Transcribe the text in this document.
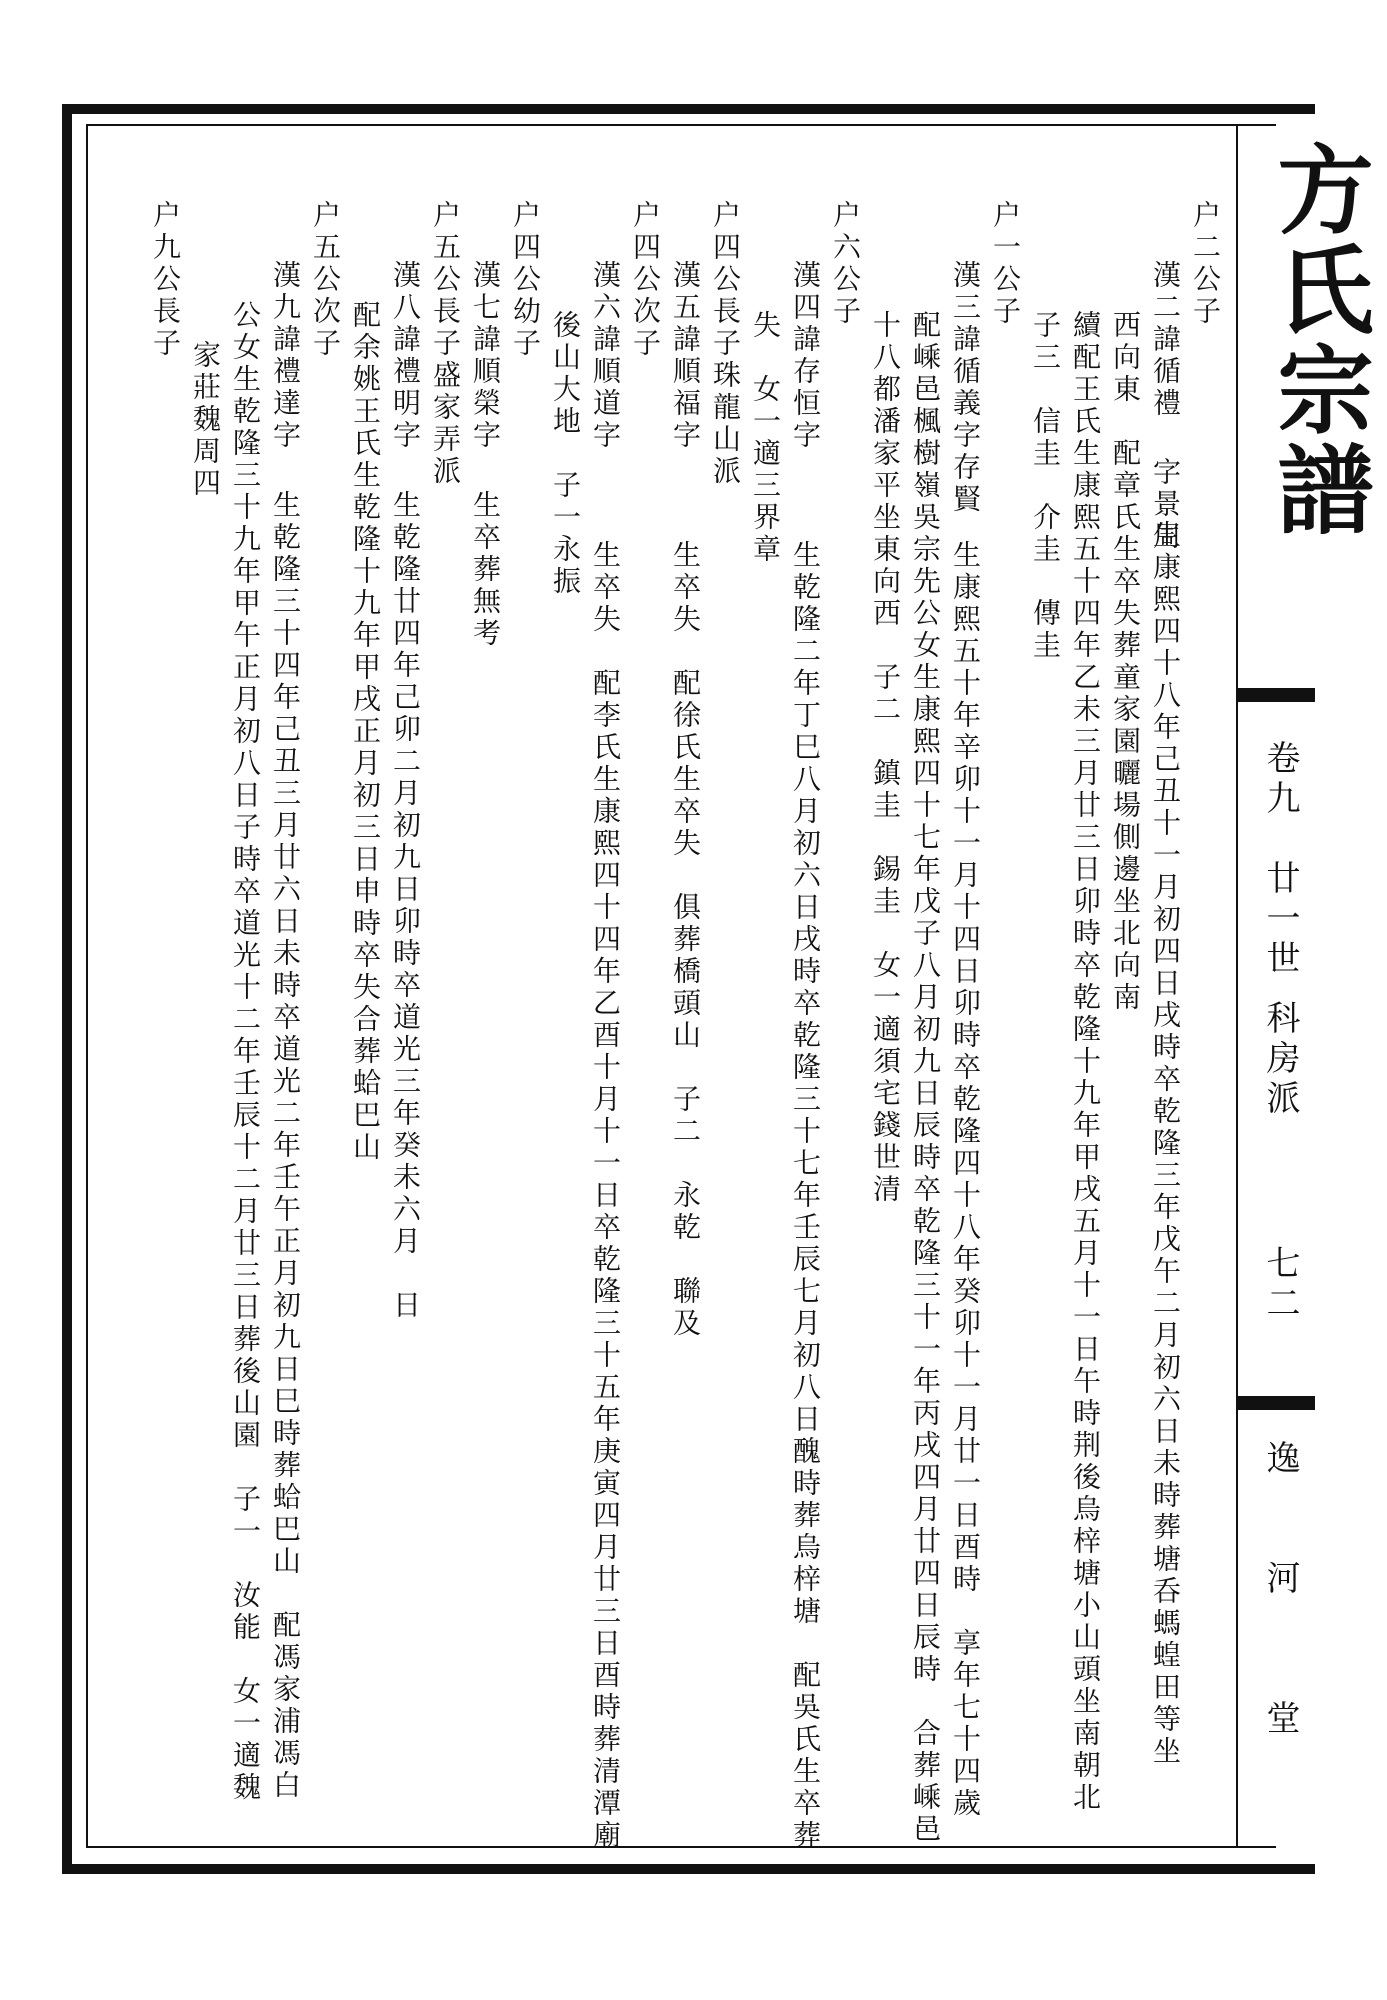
方氏宗譜
卷九
廿一世
科房派
七二
逸
河
堂
户二公子
漢二諱循禮 字景周
生康熙四十八年己丑十一月初四日戌時卒乾隆三年戊午二月初六日未時葬塘呑螞蝗田等坐
西向東　配章氏生卒失葬童家園曬場側邊坐北向南
續配王氏生康熙五十四年乙未三月廿三日卯時卒乾隆十九年甲戌五月十一日午時荆後烏梓塘小山頭坐南朝北
子三　信圭　介圭　傳圭
户一公子
漢三諱循義字存賢
生康熙五十年辛卯十一月十四日卯時卒乾隆四十八年癸卯十一月廿一日酉時　享年七十四歲
配嵊邑楓樹嶺吳宗先公女生康熙四十七年戊子八月初九日辰時卒乾隆三十一年丙戌四月廿四日辰時　合葬嵊邑
十八都潘家平坐東向西　子二　鎮圭　錫圭　女一適須宅錢世清
户六公子
漢四諱存恒字
生乾隆二年丁巳八月初六日戌時卒乾隆三十七年壬辰七月初八日醜時葬烏梓塘　配吳氏生卒葬
失　女一適三界章
户四公長子珠龍山派
漢五諱順福字
生卒失　配徐氏生卒失　俱葬橋頭山　子二　永乾　聯及
户四公次子
漢六諱順道字
生卒失　配李氏生康熙四十四年乙酉十月十一日卒乾隆三十五年庚寅四月廿三日酉時葬清潭廟
後山大地　子一永振
户四公幼子
漢七諱順榮字
生卒葬無考
户五公長子盛家弄派
漢八諱禮明字
生乾隆廿四年己卯二月初九日卯時卒道光三年癸未六月　日
配余姚王氏生乾隆十九年甲戌正月初三日申時卒失合葬蛤巴山
户五公次子
漢九諱禮達字
生乾隆三十四年己丑三月廿六日未時卒道光二年壬午正月初九日巳時葬蛤巴山　配馮家浦馮白
公女生乾隆三十九年甲午正月初八日子時卒道光十二年壬辰十二月廿三日葬後山園　子一　汝能　女一適魏
家莊魏周四
户九公長子
